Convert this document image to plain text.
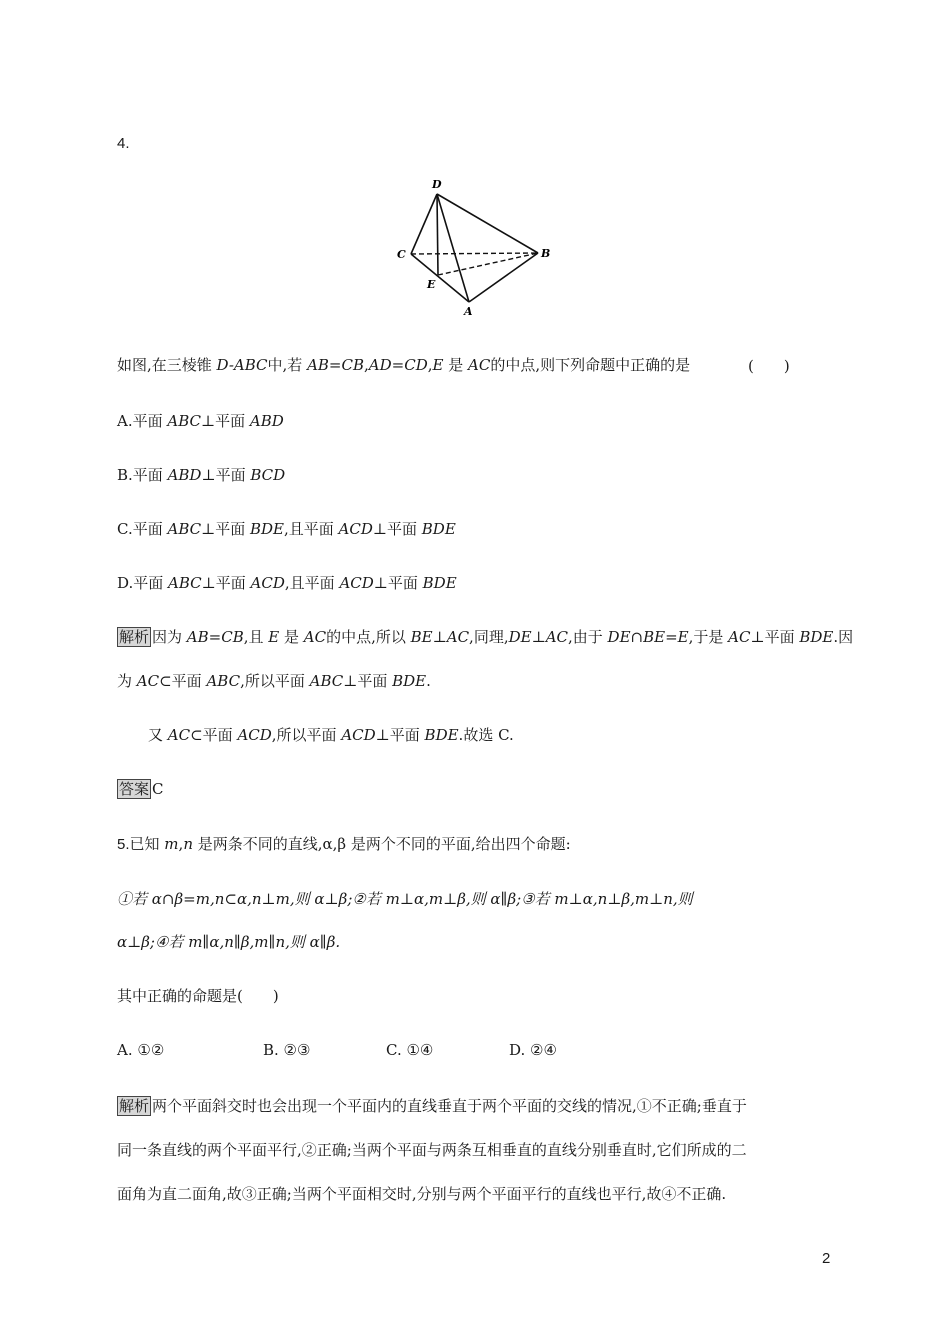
4.
D
C	B
E
A
如图,在三棱锥 D-ABC中,若 AB=CB,AD=CD,E 是 AC的中点,则下列命题中正确的是	(　　)
A.平面 ABC⊥平面 ABD
B.平面 ABD⊥平面 BCD
C.平面 ABC⊥平面 BDE,且平面 ACD⊥平面 BDE
D.平面 ABC⊥平面 ACD,且平面 ACD⊥平面 BDE
解析 因为 AB=CB,且 E 是 AC的中点,所以 BE⊥AC,同理,DE⊥AC,由于 DE∩BE=E,于是 AC⊥平面 BDE.因
为 AC⊂平面 ABC,所以平面 ABC⊥平面 BDE.
又 AC⊂平面 ACD,所以平面 ACD⊥平面 BDE.故选 C.
答案 C
5.已知 m,n 是两条不同的直线,α,β 是两个不同的平面,给出四个命题:
①若 α∩β=m,n⊂α,n⊥m,则 α⊥β;②若 m⊥α,m⊥β,则 α∥β;③若 m⊥α,n⊥β,m⊥n,则
α⊥β;④若 m∥α,n∥β,m∥n,则 α∥β.
其中正确的命题是(　　)
A. ①②	B. ②③	C. ①④	D. ②④
解析 两个平面斜交时也会出现一个平面内的直线垂直于两个平面的交线的情况,①不正确;垂直于
同一条直线的两个平面平行,②正确;当两个平面与两条互相垂直的直线分别垂直时,它们所成的二
面角为直二面角,故③正确;当两个平面相交时,分别与两个平面平行的直线也平行,故④不正确.
2
